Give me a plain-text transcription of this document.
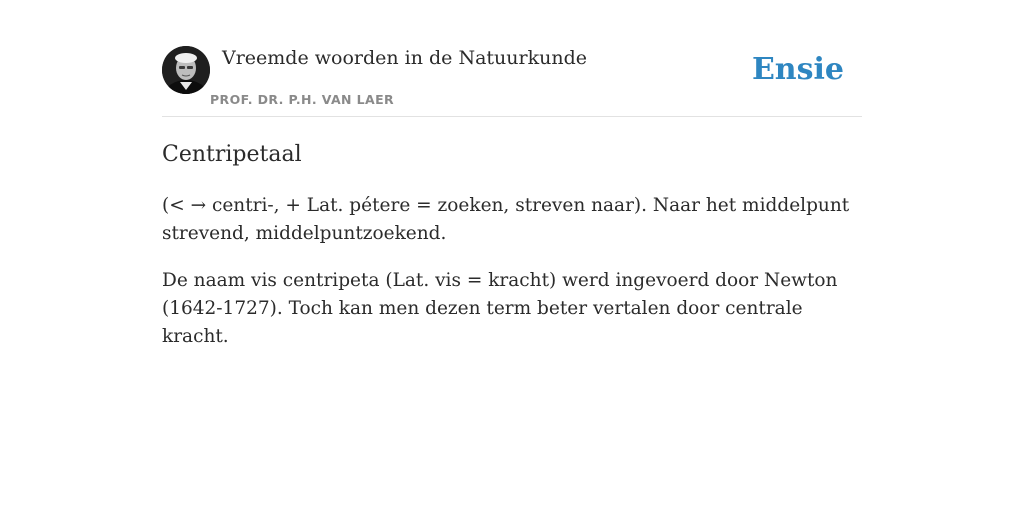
Vreemde woorden in de Natuurkunde
PROF. DR. P.H. VAN LAER
Ensie
Centripetaal

(< → centri-, + Lat. pétere = zoeken, streven naar). Naar het middelpunt strevend, middelpuntzoekend.

De naam vis centripeta (Lat. vis = kracht) werd ingevoerd door Newton (1642-1727). Toch kan men dezen term beter vertalen door centrale kracht.
